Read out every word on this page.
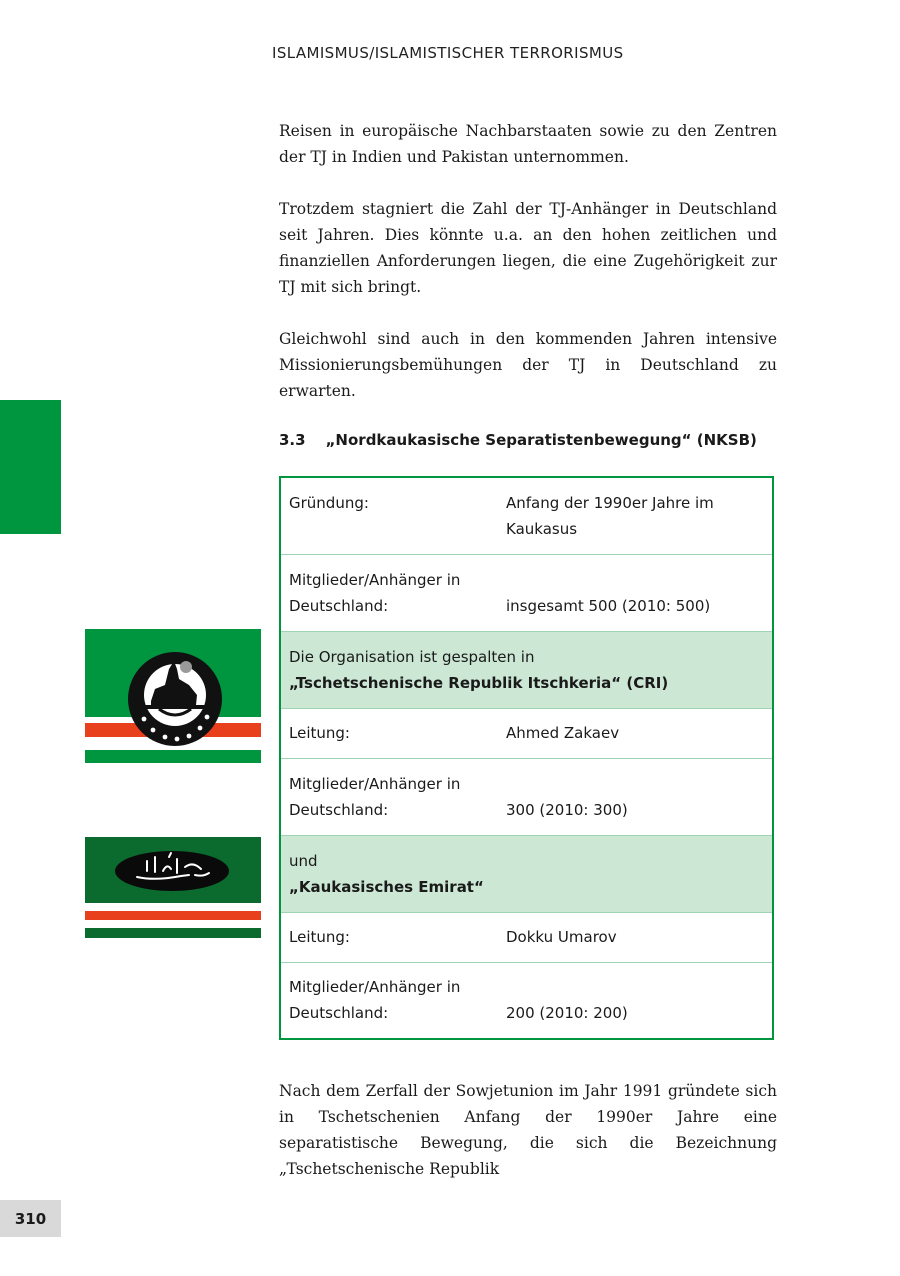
ISLAMISMUS/ISLAMISTISCHER TERRORISMUS

Reisen in europäische Nachbarstaaten sowie zu den Zentren der TJ in Indien und Pakistan unternommen.

Trotzdem stagniert die Zahl der TJ-Anhänger in Deutschland seit Jahren. Dies könnte u.a. an den hohen zeitlichen und finanziellen Anforderungen liegen, die eine Zugehörigkeit zur TJ mit sich bringt.

Gleichwohl sind auch in den kommenden Jahren intensive Missionierungsbemühungen der TJ in Deutschland zu erwarten.

3.3 „Nordkaukasische Separatistenbewegung“ (NKSB)
Gründung:	Anfang der 1990er Jahre im Kaukasus

Mitglieder/Anhänger in
Deutschland:	insgesamt 500 (2010: 500)

Die Organisation ist gespalten in
„Tschetschenische Republik Itschkeria“ (CRI)	

Leitung:	Ahmed Zakaev

Mitglieder/Anhänger in
Deutschland:	300 (2010: 300)

und
„Kaukasisches Emirat“	

Leitung:	Dokku Umarov

Mitglieder/Anhänger in
Deutschland:	200 (2010: 200)

Nach dem Zerfall der Sowjetunion im Jahr 1991 gründete sich in Tschetschenien Anfang der 1990er Jahre eine separatistische Bewegung, die sich die Bezeichnung „Tschetschenische Republik

310
